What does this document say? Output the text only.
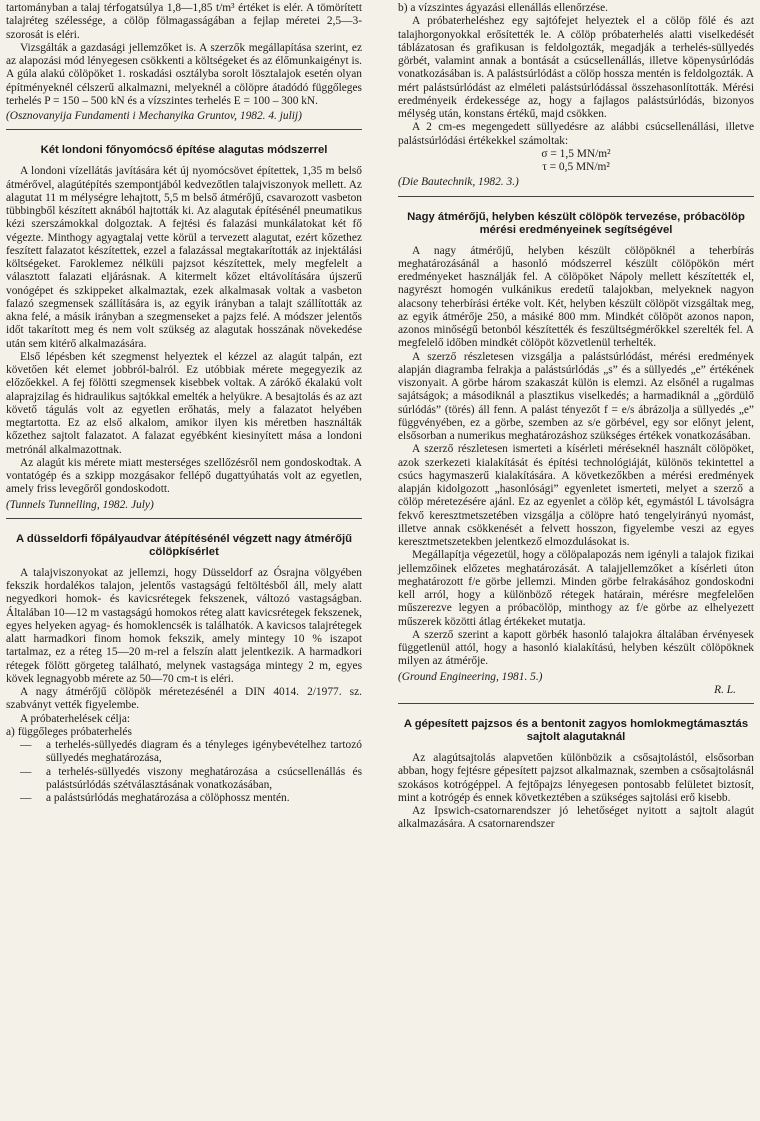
tartományban a talaj térfogatsúlya 1,8—1,85 t/m³ értéket is elér. A tömörített talajréteg szélessége, a cölöp fölmagasságában a fejlap méretei 2,5—3-szorosát is eléri.

Vizsgálták a gazdasági jellemzőket is. A szerzők megállapítása szerint, ez az alapozási mód lényegesen csökkenti a költségeket és az élőmunkaigényt is. A gúla alakú cölöpöket 1. roskadási osztályba sorolt lösztalajok esetén olyan építményeknél célszerű alkalmazni, melyeknél a cölöpre átadódó függőleges terhelés P = 150 – 500 kN és a vízszintes terhelés E = 100 – 300 kN.

(Osznovanyija Fundamenti i Mechanyika Gruntov, 1982. 4. julij)

Két londoni főnyomócső építése alagutas módszerrel

A londoni vízellátás javítására két új nyomócsövet építettek, 1,35 m belső átmérővel, alagútépítés szempontjából kedvezőtlen talajviszonyok mellett. Az alagutat 11 m mélységre lehajtott, 5,5 m belső átmérőjű, csavarozott vasbeton tübbingből készített aknából hajtották ki. Az alagutak építésénél pneumatikus kézi szerszámokkal dolgoztak. A fejtési és falazási munkálatokat két fő végezte. Minthogy agyagtalaj vette körül a tervezett alagutat, ezért kőzethez feszített falazatot készítettek, ezzel a falazással megtakarították az injektálási költségeket. Faroklemez nélküli pajzsot készítettek, mely megfelelt a választott falazati eljárásnak. A kitermelt kőzet eltávolítására újszerű vonógépet és szkippeket alkalmaztak, ezek alkalmasak voltak a vasbeton falazó szegmensek szállítására is, az egyik irányban a talajt szállították az akna felé, a másik irányban a szegmenseket a pajzs felé. A módszer jelentős időt takarított meg és nem volt szükség az alagutak hosszának növekedése után sem kitérő alkalmazására.

Első lépésben két szegmenst helyeztek el kézzel az alagút talpán, ezt követően két elemet jobbról-balról. Ez utóbbiak mérete megegyezik az előzőekkel. A fej fölötti szegmensek kisebbek voltak. A zárókő ékalakú volt alaprajzilag és hidraulikus sajtókkal emelték a helyükre. A besajtolás és az azt követő tágulás volt az egyetlen erőhatás, mely a falazatot helyében megtartotta. Ez az első alkalom, amikor ilyen kis méretben használták kőzethez sajtolt falazatot. A falazat egyébként kiesinyített mása a londoni metrónál alkalmazottnak.

Az alagút kis mérete miatt mesterséges szellőzésről nem gondoskodtak. A vontatógép és a szkipp mozgásakor fellépő dugattyúhatás volt az egyetlen, amely friss levegőről gondoskodott.

(Tunnels Tunnelling, 1982. July)

A düsseldorfi főpályaudvar átépítésénél végzett nagy átmérőjű cölöpkísérlet

A talajviszonyokat az jellemzi, hogy Düsseldorf az Ósrajna völgyében fekszik hordalékos talajon, jelentős vastagságú feltöltésből áll, mely alatt negyedkori homok- és kavicsrétegek fekszenek, változó vastagságban. Általában 10—12 m vastagságú homokos réteg alatt kavicsrétegek fekszenek, egyes helyeken agyag- és homoklencsék is találhatók. A kavicsos talajrétegek alatt harmadkori finom homok fekszik, amely mintegy 10 % iszapot tartalmaz, ez a réteg 15—20 m-rel a felszín alatt jelentkezik. A harmadkori rétegek fölött görgeteg található, melynek vastagsága mintegy 2 m, egyes kövek legnagyobb mérete az 50—70 cm-t is eléri.

A nagy átmérőjű cölöpök méretezésénél a DIN 4014. 2/1977. sz. szabványt vették figyelembe.

A próbaterhelések célja:

a) függőleges próbaterhelés

— a terhelés-süllyedés diagram és a tényleges igénybevételhez tartozó süllyedés meghatározása,
— a terhelés-süllyedés viszony meghatározása a csúcsellenállás és palástsúrlódás szétválasztásának vonatkozásában,
— a palástsúrlódás meghatározása a cölöphossz mentén.

b) a vízszintes ágyazási ellenállás ellenőrzése.

A próbaterheléshez egy sajtófejet helyeztek el a cölöp fölé és azt talajhorgonyokkal erősítették le. A cölöp próbaterhelés alatti viselkedését táblázatosan és grafikusan is feldolgozták, megadják a terhelés-süllyedés görbét, valamint annak a bontását a csúcsellenállás, illetve köpenysúrlódás vonatkozásában is. A palástsúrlódást a cölöp hossza mentén is feldolgozták. A mért palástsúrlódást az elméleti palástsúrlódással összehasonlították. Mérési eredményeik érdekessége az, hogy a fajlagos palástsúrlódás, bizonyos mélység után, konstans értékű, majd csökken.

A 2 cm-es megengedett süllyedésre az alábbi csúcsellenállási, illetve palástsúrlódási értékekkel számoltak:

σ = 1,5 MN/m²

τ = 0,5 MN/m²

(Die Bautechnik, 1982. 3.)

Nagy átmérőjű, helyben készült cölöpök tervezése, próbacölöp mérési eredményeinek segítségével

A nagy átmérőjű, helyben készült cölöpöknél a teherbírás meghatározásánál a hasonló módszerrel készült cölöpökön mért eredményeket használják fel. A cölöpöket Nápoly mellett készítették el, nagyrészt homogén vulkánikus eredetű talajokban, melyeknek nagyon alacsony teherbírási értéke volt. Két, helyben készült cölöpöt vizsgáltak meg, az egyik átmérője 250, a másiké 800 mm. Mindkét cölöpöt azonos napon, azonos minőségű betonból készítették és feszültségmérőkkel szerelték fel. A megfelelő időben mindkét cölöpöt közvetlenül terhelték.

A szerző részletesen vizsgálja a palástsúrlódást, mérési eredmények alapján diagramba felrakja a palástsúrlódás „s” és a süllyedés „e” értékének viszonyait. A görbe három szakaszát külön is elemzi. Az elsőnél a rugalmas sajátságok; a másodiknál a plasztikus viselkedés; a harmadiknál a „gördülő súrlódás” (törés) áll fenn. A palást tényezőt f = e/s ábrázolja a süllyedés „e” függvényében, ez a görbe, szemben az s/e görbével, egy sor előnyt jelent, elsősorban a numerikus meghatározáshoz szükséges értékek vonatkozásában.

A szerző részletesen ismerteti a kísérleti méréseknél használt cölöpöket, azok szerkezeti kialakítását és építési technológiáját, különös tekintettel a csúcs hagymaszerű kialakítására. A következőkben a mérési eredmények alapján kidolgozott „hasonlósági” egyenletet ismerteti, melyet a szerző a cölöp méretezésére ajánl. Ez az egyenlet a cölöp két, egymástól L távolságra fekvő keresztmetszetében vizsgálja a cölöpre ható tengelyirányú nyomást, illetve annak csökkenését a felvett hosszon, figyelembe veszi az egyes keresztmetszetekben jelentkező elmozdulásokat is.

Megállapítja végezetül, hogy a cölöpalapozás nem igényli a talajok fizikai jellemzőinek előzetes meghatározását. A talajjellemzőket a kísérleti úton meghatározott f/e görbe jellemzi. Minden görbe felrakásához gondoskodni kell arról, hogy a különböző rétegek határain, mérésre megfelelően műszerezve legyen a próbacölöp, minthogy az f/e görbe az elhelyezett műszerek közötti átlag értékeket mutatja.

A szerző szerint a kapott görbék hasonló talajokra általában érvényesek függetlenül attól, hogy a hasonló kialakítású, helyben készült cölöpöknek milyen az átmérője.

(Ground Engineering, 1981. 5.)

R. L.

A gépesített pajzsos és a bentonit zagyos homlokmegtámasztás sajtolt alagutaknál

Az alagútsajtolás alapvetően különbözik a csősajtolástól, elsősorban abban, hogy fejtésre gépesített pajzsot alkalmaznak, szemben a csősajtolásnál szokásos kotrógéppel. A fejtőpajzs lényegesen pontosabb felületet biztosít, mint a kotrógép és ennek következtében a szükséges sajtolási erő kisebb.

Az Ipswich-csatornarendszer jó lehetőséget nyitott a sajtolt alagút alkalmazására. A csatornarendszer
